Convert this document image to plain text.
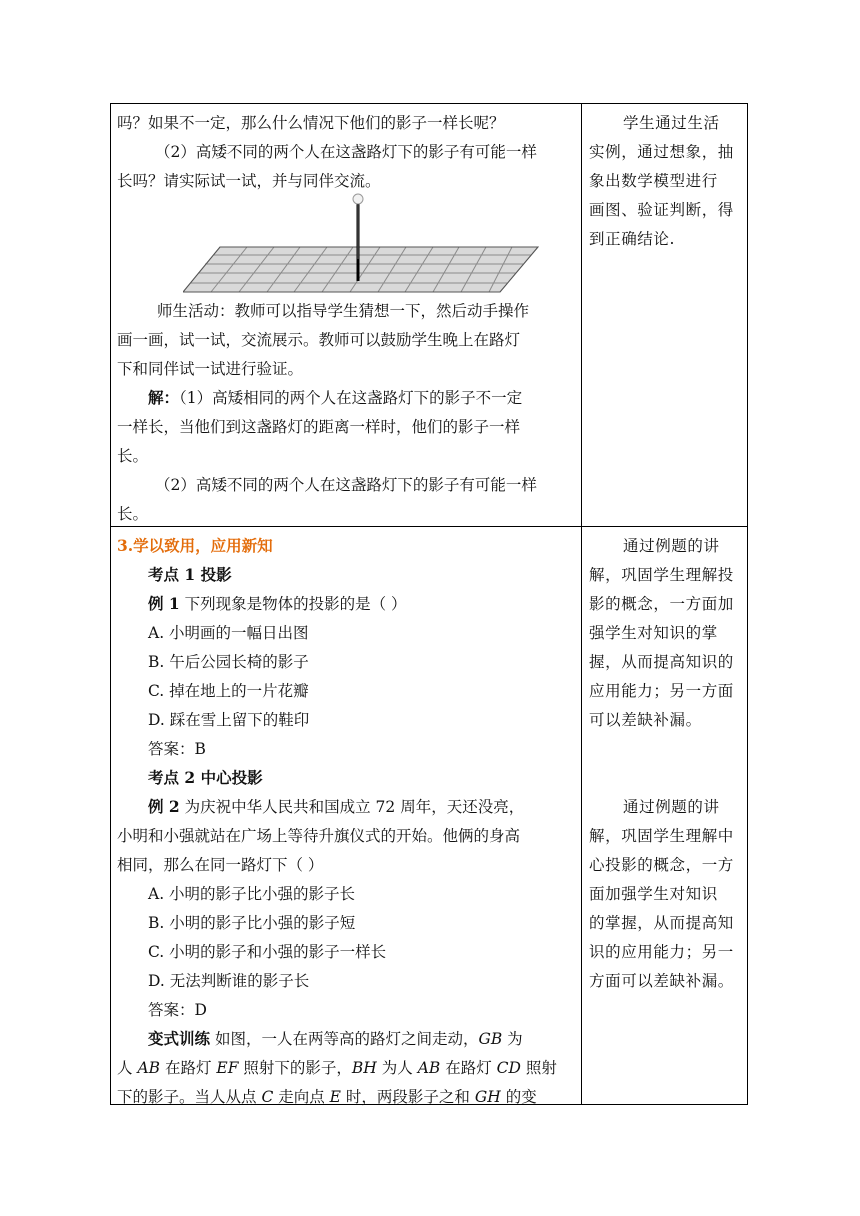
吗？如果不一定，那么什么情况下他们的影子一样长呢？
（2）高矮不同的两个人在这盏路灯下的影子有可能一样
长吗？请实际试一试，并与同伴交流。
师生活动：教师可以指导学生猜想一下，然后动手操作
画一画，试一试，交流展示。教师可以鼓励学生晚上在路灯
下和同伴试一试进行验证。
解：（1）高矮相同的两个人在这盏路灯下的影子不一定
一样长，当他们到这盏路灯的距离一样时，他们的影子一样
长。
（2）高矮不同的两个人在这盏路灯下的影子有可能一样
长。
学生通过生活
实例，通过想象，抽
象出数学模型进行
画图、验证判断，得
到正确结论.
3.学以致用，应用新知
考点 1 投影
例 1 下列现象是物体的投影的是（ ）
A. 小明画的一幅日出图
B. 午后公园长椅的影子
C. 掉在地上的一片花瓣
D. 踩在雪上留下的鞋印
答案：B
考点 2 中心投影
例 2 为庆祝中华人民共和国成立 72 周年，天还没亮，
小明和小强就站在广场上等待升旗仪式的开始。他俩的身高
相同，那么在同一路灯下（ ）
A. 小明的影子比小强的影子长
B. 小明的影子比小强的影子短
C. 小明的影子和小强的影子一样长
D. 无法判断谁的影子长
答案：D
变式训练 如图，一人在两等高的路灯之间走动，GB 为
人 AB 在路灯 EF 照射下的影子，BH 为人 AB 在路灯 CD 照射
下的影子。当人从点 C 走向点 E 时，两段影子之和 GH 的变
通过例题的讲
解，巩固学生理解投
影的概念，一方面加
强学生对知识的掌
握，从而提高知识的
应用能力；另一方面
可以差缺补漏。
通过例题的讲
解，巩固学生理解中
心投影的概念，一方
面加强学生对知识
的掌握，从而提高知
识的应用能力；另一
方面可以差缺补漏。
